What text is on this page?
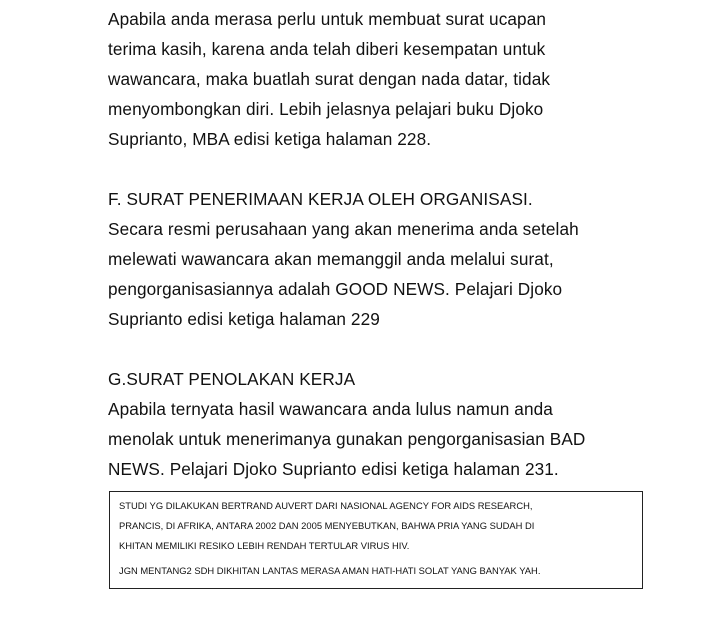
Apabila anda merasa perlu untuk membuat surat ucapan
terima kasih, karena anda telah diberi kesempatan untuk
wawancara, maka buatlah surat dengan nada datar, tidak
menyombongkan diri. Lebih jelasnya pelajari buku Djoko
Suprianto, MBA edisi ketiga halaman 228.
F. SURAT PENERIMAAN KERJA OLEH ORGANISASI.
Secara resmi perusahaan yang akan menerima anda setelah
melewati wawancara akan memanggil anda melalui surat,
pengorganisasiannya adalah GOOD NEWS. Pelajari Djoko
Suprianto edisi ketiga halaman 229
G.SURAT PENOLAKAN KERJA
Apabila ternyata hasil wawancara anda lulus namun anda
menolak untuk menerimanya gunakan pengorganisasian BAD
NEWS. Pelajari Djoko Suprianto edisi ketiga halaman 231.
STUDI YG DILAKUKAN BERTRAND AUVERT DARI NASIONAL AGENCY FOR AIDS RESEARCH,
PRANCIS, DI AFRIKA, ANTARA 2002 DAN 2005 MENYEBUTKAN, BAHWA PRIA YANG SUDAH DI
KHITAN MEMILIKI RESIKO LEBIH RENDAH TERTULAR VIRUS HIV.
JGN MENTANG2 SDH DIKHITAN LANTAS MERASA AMAN HATI-HATI SOLAT YANG BANYAK YAH.
